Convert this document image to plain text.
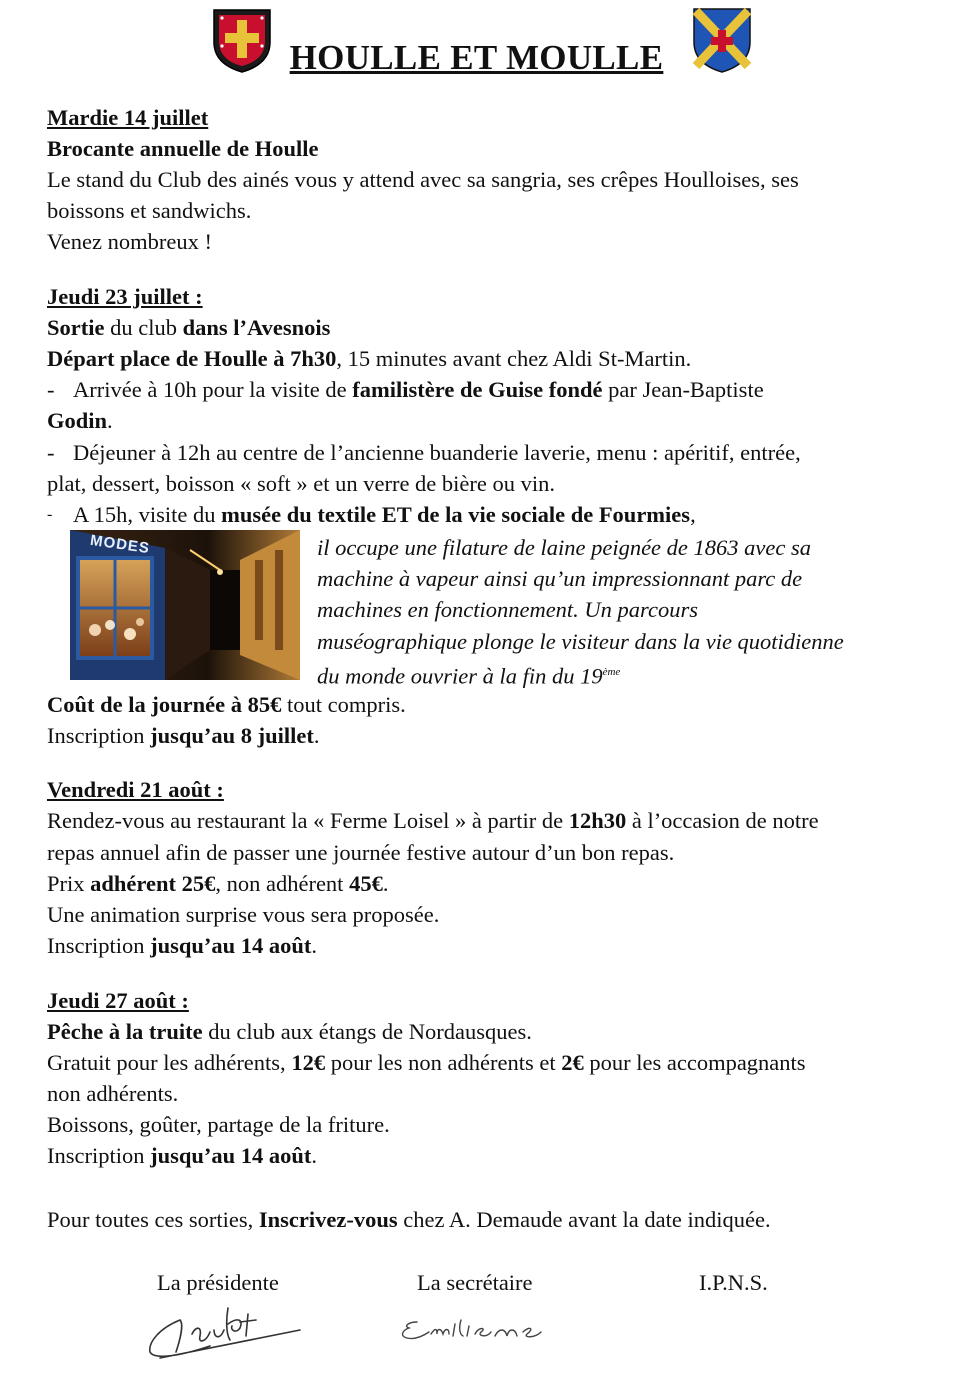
HOULLE ET MOULLE
Mardie 14 juillet
Brocante annuelle de Houlle
Le stand du Club des ainés vous y attend avec sa sangria, ses crêpes Houlloises, ses
boissons et sandwichs.
Venez nombreux !
Jeudi 23 juillet :
Sortie du club dans l’Avesnois
Départ place de Houlle à 7h30, 15 minutes avant chez Aldi St-Martin.
- Arrivée à 10h pour la visite de familistère de Guise fondé par Jean-Baptiste
Godin.
- Déjeuner à 12h au centre de l’ancienne buanderie laverie, menu : apéritif, entrée,
plat, dessert, boisson « soft » et un verre de bière ou vin.
- A 15h, visite du musée du textile ET de la vie sociale de Fourmies,
MODES	il occupe une filature de laine peignée de 1863 avec sa
machine à vapeur ainsi qu’un impressionnant parc de
machines en fonctionnement. Un parcours
muséographique plonge le visiteur dans la vie quotidienne
du monde ouvrier à la fin du 19ème
Coût de la journée à 85€ tout compris.
Inscription jusqu’au 8 juillet.
Vendredi 21 août :
Rendez-vous au restaurant la « Ferme Loisel » à partir de 12h30 à l’occasion de notre
repas annuel afin de passer une journée festive autour d’un bon repas.
Prix adhérent 25€, non adhérent 45€.
Une animation surprise vous sera proposée.
Inscription jusqu’au 14 août.
Jeudi 27 août :
Pêche à la truite du club aux étangs de Nordausques.
Gratuit pour les adhérents, 12€ pour les non adhérents et 2€ pour les accompagnants
non adhérents.
Boissons, goûter, partage de la friture.
Inscription jusqu’au 14 août.
Pour toutes ces sorties, Inscrivez-vous chez A. Demaude avant la date indiquée.
La présidente	La secrétaire	I.P.N.S.
